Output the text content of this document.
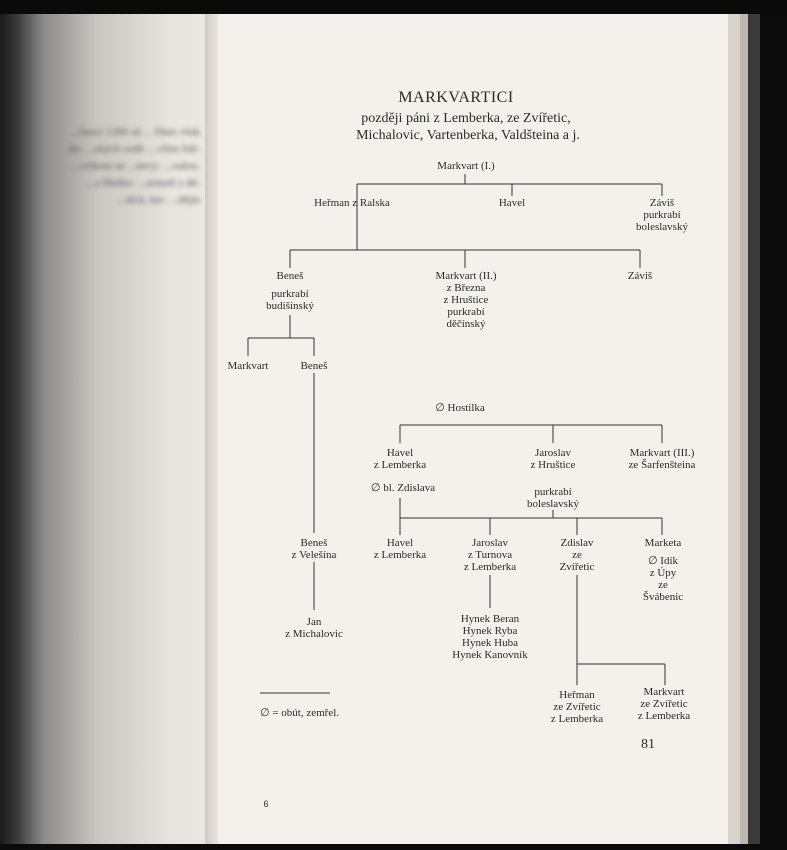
...bezcí 1260 až ... Dnes však do- ...ských rodů- ...vším lidi- ...celkem ne ...nevy- ...radou. ...a Malho- ...zemeli z dě- ...těch, kte- ...dějin
MARKVARTICI
později páni z Lemberka, ze Zvířetic,
Michalovic, Vartenberka, Valdšteina a j.
Markvart (I.)
Heřman z Ralska	Havel	Záviš
purkrabí
boleslavský
Beneš
purkrabí
budišínský
Markvart (II.)
z Března
z Hruštice
purkrabí
děčínský
Záviš
Markvart	Beneš
∅ Hostilka
Havel
z Lemberka
∅ bl. Zdislava
Jaroslav
z Hruštice
purkrabí
boleslavský
Markvart (III.)
ze Šarfenšteina
Beneš
z Velešína
Havel
z Lemberka
Jaroslav
z Turnova
z Lemberka
Zdislav
ze
Zvířetic
Marketa
∅ Idík
z Úpy
ze
Švábenic
Jan
z Michalovic
Hynek Beran
Hynek Ryba
Hynek Huba
Hynek Kanovník
Heřman
ze Zvířetic
z Lemberka
Markvart
ze Zvířetic
z Lemberka
∅ = obút, zemřel.
81
6
